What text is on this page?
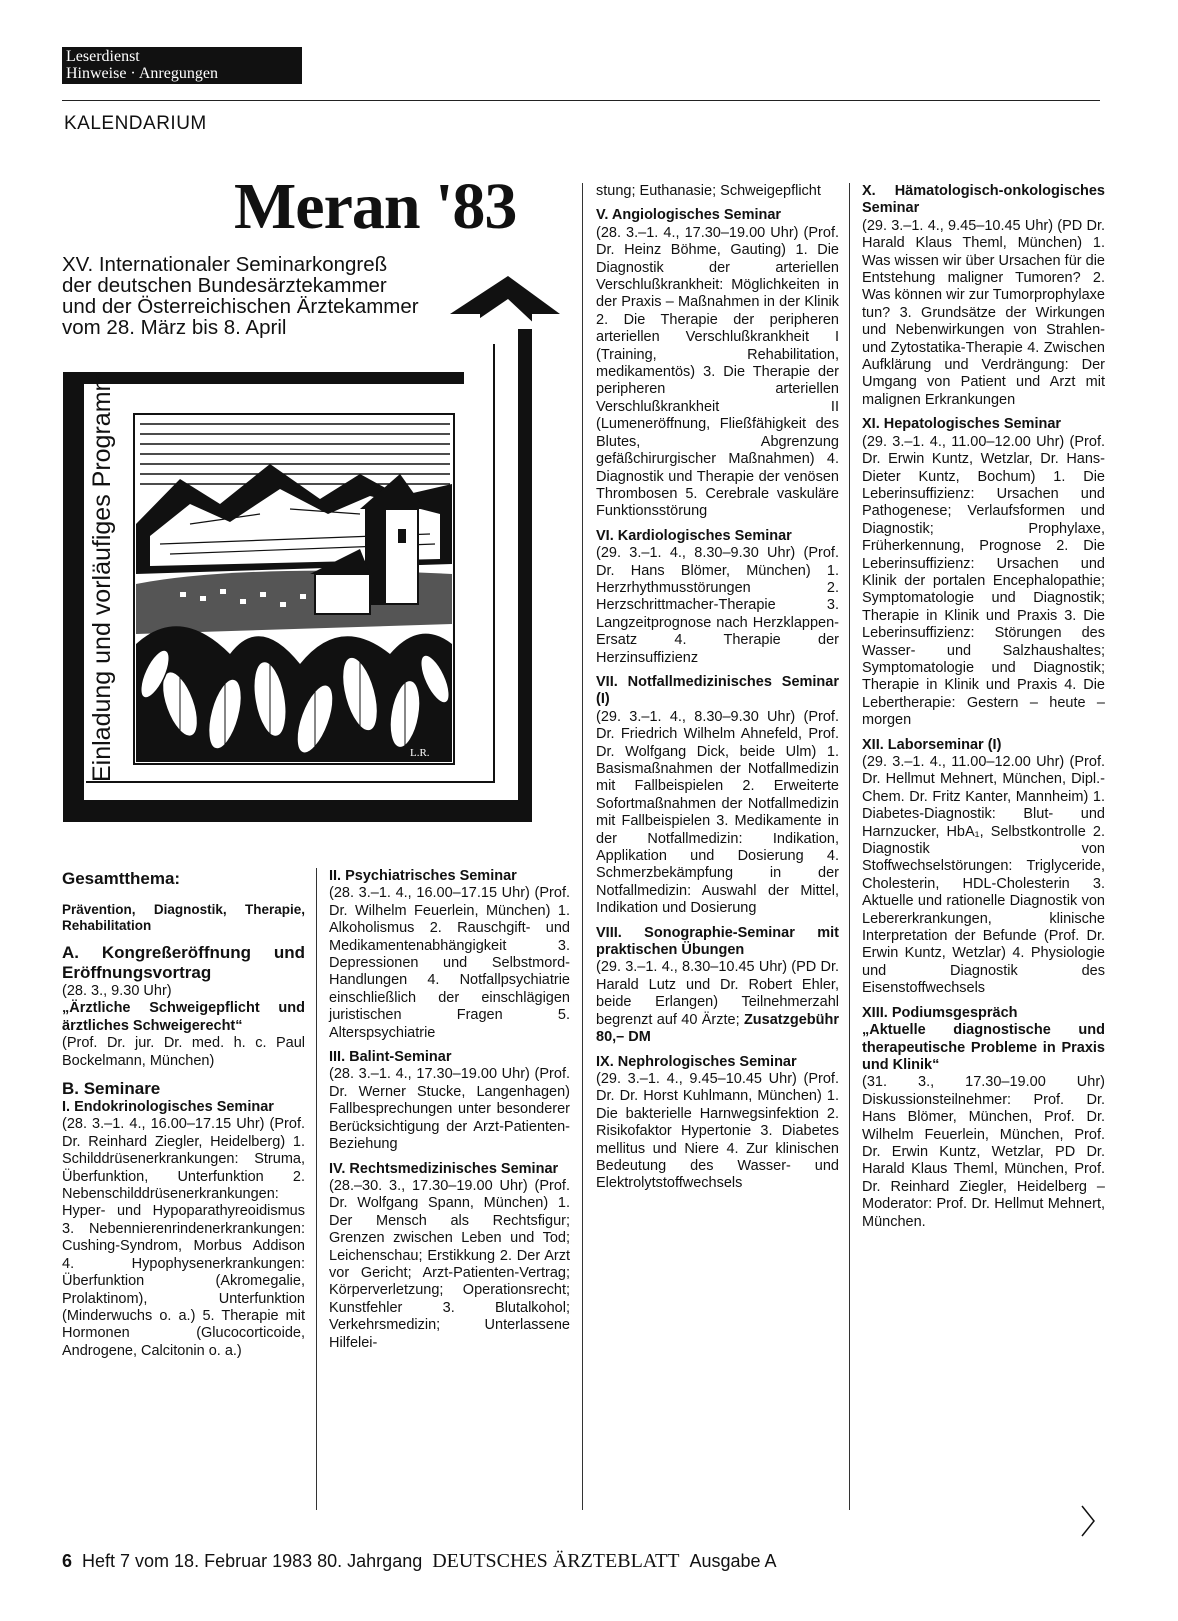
Leserdienst
Hinweise · Anregungen
KALENDARIUM
Meran '83
XV. Internationaler Seminarkongreß
der deutschen Bundesärztekammer
und der Österreichischen Ärztekammer
vom 28. März bis 8. April
Einladung und vorläufiges Programm	L.R.

Gesamtthema:

Prävention, Diagnostik, Therapie, Rehabilitation

A. Kongreßeröffnung und Eröffnungsvortrag

(28. 3., 9.30 Uhr)

„Ärztliche Schweigepflicht und ärztliches Schweigerecht“

(Prof. Dr. jur. Dr. med. h. c. Paul Bockelmann, München)

B. Seminare

I. Endokrinologisches Seminar

(28. 3.–1. 4., 16.00–17.15 Uhr) (Prof. Dr. Reinhard Ziegler, Heidelberg) 1. Schilddrüsenerkrankungen: Struma, Überfunktion, Unterfunktion 2. Nebenschilddrüsenerkrankungen: Hyper- und Hypoparathyreoidismus 3. Nebennierenrindenerkrankungen: Cushing-Syndrom, Morbus Addison 4. Hypophysenerkrankungen: Überfunktion (Akromegalie, Prolaktinom), Unterfunktion (Minderwuchs o. a.) 5. Therapie mit Hormonen (Glucocorticoide, Androgene, Calcitonin o. a.)

II. Psychiatrisches Seminar

(28. 3.–1. 4., 16.00–17.15 Uhr) (Prof. Dr. Wilhelm Feuerlein, München) 1. Alkoholismus 2. Rauschgift- und Medikamentenabhängigkeit 3. Depressionen und Selbstmord-Handlungen 4. Notfallpsychiatrie einschließlich der einschlägigen juristischen Fragen 5. Alterspsychiatrie

III. Balint-Seminar

(28. 3.–1. 4., 17.30–19.00 Uhr) (Prof. Dr. Werner Stucke, Langenhagen) Fallbesprechungen unter besonderer Berücksichtigung der Arzt-Patienten-Beziehung

IV. Rechtsmedizinisches Seminar

(28.–30. 3., 17.30–19.00 Uhr) (Prof. Dr. Wolfgang Spann, München) 1. Der Mensch als Rechtsfigur; Grenzen zwischen Leben und Tod; Leichenschau; Erstikkung 2. Der Arzt vor Gericht; Arzt-Patienten-Vertrag; Körperverletzung; Operationsrecht; Kunstfehler 3. Blutalkohol; Verkehrsmedizin; Unterlassene Hilfelei-

stung; Euthanasie; Schweigepflicht

V. Angiologisches Seminar

(28. 3.–1. 4., 17.30–19.00 Uhr) (Prof. Dr. Heinz Böhme, Gauting) 1. Die Diagnostik der arteriellen Verschlußkrankheit: Möglichkeiten in der Praxis – Maßnahmen in der Klinik 2. Die Therapie der peripheren arteriellen Verschlußkrankheit I (Training, Rehabilitation, medikamentös) 3. Die Therapie der peripheren arteriellen Verschlußkrankheit II (Lumeneröffnung, Fließfähigkeit des Blutes, Abgrenzung gefäßchirurgischer Maßnahmen) 4. Diagnostik und Therapie der venösen Thrombosen 5. Cerebrale vaskuläre Funktionsstörung

VI. Kardiologisches Seminar

(29. 3.–1. 4., 8.30–9.30 Uhr) (Prof. Dr. Hans Blömer, München) 1. Herzrhythmusstörungen 2. Herzschrittmacher-Therapie 3. Langzeitprognose nach Herzklappen-Ersatz 4. Therapie der Herzinsuffizienz

VII. Notfallmedizinisches Seminar (I)

(29. 3.–1. 4., 8.30–9.30 Uhr) (Prof. Dr. Friedrich Wilhelm Ahnefeld, Prof. Dr. Wolfgang Dick, beide Ulm) 1. Basismaßnahmen der Notfallmedizin mit Fallbeispielen 2. Erweiterte Sofortmaßnahmen der Notfallmedizin mit Fallbeispielen 3. Medikamente in der Notfallmedizin: Indikation, Applikation und Dosierung 4. Schmerzbekämpfung in der Notfallmedizin: Auswahl der Mittel, Indikation und Dosierung

VIII. Sonographie-Seminar mit praktischen Übungen

(29. 3.–1. 4., 8.30–10.45 Uhr) (PD Dr. Harald Lutz und Dr. Robert Ehler, beide Erlangen) Teilnehmerzahl begrenzt auf 40 Ärzte; Zusatzgebühr 80,– DM

IX. Nephrologisches Seminar

(29. 3.–1. 4., 9.45–10.45 Uhr) (Prof. Dr. Dr. Horst Kuhlmann, München) 1. Die bakterielle Harnwegsinfektion 2. Risikofaktor Hypertonie 3. Diabetes mellitus und Niere 4. Zur klinischen Bedeutung des Wasser- und Elektrolytstoffwechsels

X. Hämatologisch-onkologisches Seminar

(29. 3.–1. 4., 9.45–10.45 Uhr) (PD Dr. Harald Klaus Theml, München) 1. Was wissen wir über Ursachen für die Entstehung maligner Tumoren? 2. Was können wir zur Tumorprophylaxe tun? 3. Grundsätze der Wirkungen und Nebenwirkungen von Strahlen- und Zytostatika-Therapie 4. Zwischen Aufklärung und Verdrängung: Der Umgang von Patient und Arzt mit malignen Erkrankungen

XI. Hepatologisches Seminar

(29. 3.–1. 4., 11.00–12.00 Uhr) (Prof. Dr. Erwin Kuntz, Wetzlar, Dr. Hans-Dieter Kuntz, Bochum) 1. Die Leberinsuffizienz: Ursachen und Pathogenese; Verlaufsformen und Diagnostik; Prophylaxe, Früherkennung, Prognose 2. Die Leberinsuffizienz: Ursachen und Klinik der portalen Encephalopathie; Symptomatologie und Diagnostik; Therapie in Klinik und Praxis 3. Die Leberinsuffizienz: Störungen des Wasser- und Salzhaushaltes; Symptomatologie und Diagnostik; Therapie in Klinik und Praxis 4. Die Lebertherapie: Gestern – heute – morgen

XII. Laborseminar (I)

(29. 3.–1. 4., 11.00–12.00 Uhr) (Prof. Dr. Hellmut Mehnert, München, Dipl.-Chem. Dr. Fritz Kanter, Mannheim) 1. Diabetes-Diagnostik: Blut- und Harnzucker, HbA₁, Selbstkontrolle 2. Diagnostik von Stoffwechselstörungen: Triglyceride, Cholesterin, HDL-Cholesterin 3. Aktuelle und rationelle Diagnostik von Lebererkrankungen, klinische Interpretation der Befunde (Prof. Dr. Erwin Kuntz, Wetzlar) 4. Physiologie und Diagnostik des Eisenstoffwechsels

XIII. Podiumsgespräch

„Aktuelle diagnostische und therapeutische Probleme in Praxis und Klinik“

(31. 3., 17.30–19.00 Uhr) Diskussionsteilnehmer: Prof. Dr. Hans Blömer, München, Prof. Dr. Wilhelm Feuerlein, München, Prof. Dr. Erwin Kuntz, Wetzlar, PD Dr. Harald Klaus Theml, München, Prof. Dr. Reinhard Ziegler, Heidelberg – Moderator: Prof. Dr. Hellmut Mehnert, München.

6 Heft 7 vom 18. Februar 1983 80. Jahrgang DEUTSCHES ÄRZTEBLATT Ausgabe A
